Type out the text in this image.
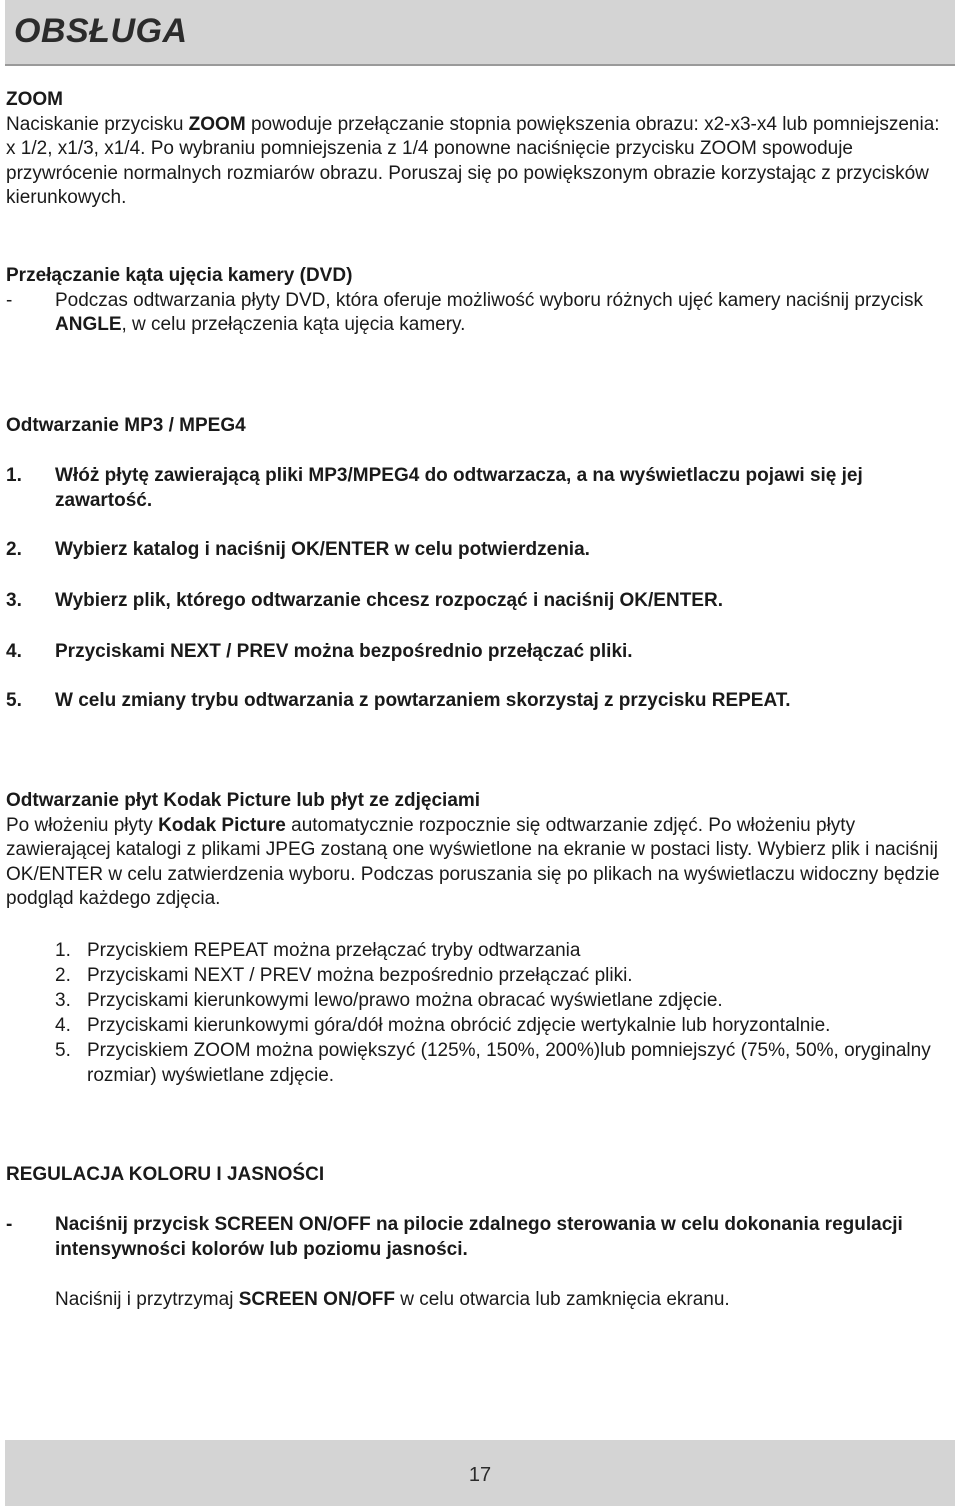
OBSŁUGA
ZOOM
Naciskanie przycisku ZOOM powoduje przełączanie stopnia powiększenia obrazu: x2-x3-x4 lub pomniejszenia: x 1/2, x1/3, x1/4. Po wybraniu pomniejszenia z 1/4 ponowne naciśnięcie przycisku ZOOM spowoduje przywrócenie normalnych rozmiarów obrazu. Poruszaj się po powiększonym obrazie korzystając z przycisków kierunkowych.
Przełączanie kąta ujęcia kamery (DVD)
-	Podczas odtwarzania płyty DVD, która oferuje możliwość wyboru różnych ujęć kamery naciśnij przycisk ANGLE, w celu przełączenia kąta ujęcia kamery.
Odtwarzanie MP3 / MPEG4
1.	Włóż płytę zawierającą pliki MP3/MPEG4 do odtwarzacza, a na wyświetlaczu pojawi się jej zawartość.
2.	Wybierz katalog i naciśnij OK/ENTER w celu potwierdzenia.
3.	Wybierz plik, którego odtwarzanie chcesz rozpocząć i naciśnij OK/ENTER.
4.	Przyciskami NEXT / PREV można bezpośrednio przełączać pliki.
5.	W celu zmiany trybu odtwarzania z powtarzaniem skorzystaj z przycisku REPEAT.
Odtwarzanie płyt Kodak Picture lub płyt ze zdjęciami
Po włożeniu płyty Kodak Picture automatycznie rozpocznie się odtwarzanie zdjęć. Po włożeniu płyty zawierającej katalogi z plikami JPEG zostaną one wyświetlone na ekranie w postaci listy. Wybierz plik i naciśnij OK/ENTER w celu zatwierdzenia wyboru. Podczas poruszania się po plikach na wyświetlaczu widoczny będzie podgląd każdego zdjęcia.
1. Przyciskiem REPEAT można przełączać tryby odtwarzania
2. Przyciskami NEXT / PREV można bezpośrednio przełączać pliki.
3. Przyciskami kierunkowymi lewo/prawo można obracać wyświetlane zdjęcie.
4. Przyciskami kierunkowymi góra/dół można obrócić zdjęcie wertykalnie lub horyzontalnie.
5. Przyciskiem ZOOM można powiększyć (125%, 150%, 200%)lub pomniejszyć (75%, 50%, oryginalny rozmiar) wyświetlane zdjęcie.
REGULACJA KOLORU I JASNOŚCI
-	Naciśnij przycisk SCREEN ON/OFF na pilocie zdalnego sterowania w celu dokonania regulacji intensywności kolorów lub poziomu jasności.
Naciśnij i przytrzymaj SCREEN ON/OFF w celu otwarcia lub zamknięcia ekranu.
17
